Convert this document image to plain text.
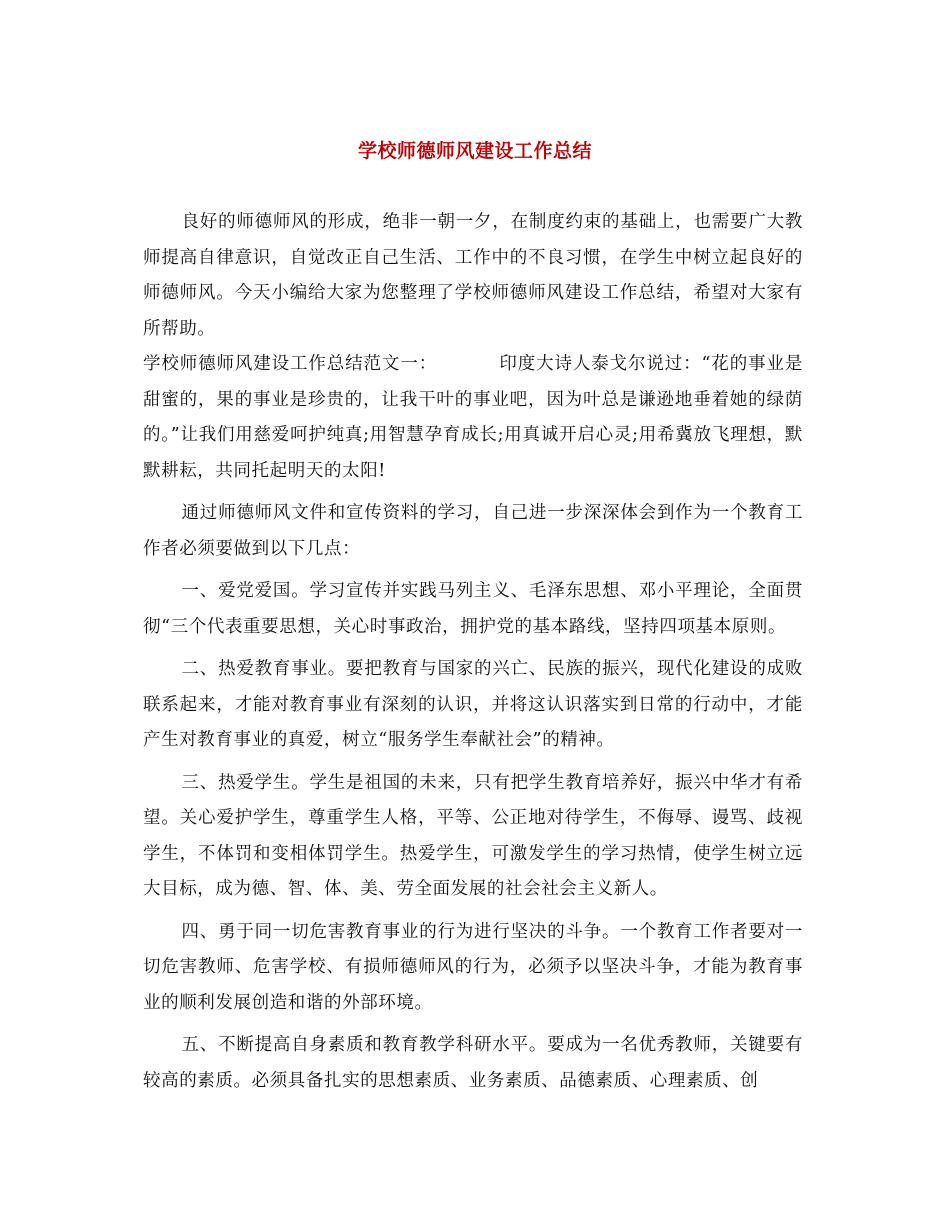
学校师德师风建设工作总结

良好的师德师风的形成，绝非一朝一夕，在制度约束的基础上，也需要广大教师提高自律意识，自觉改正自己生活、工作中的不良习惯，在学生中树立起良好的师德师风。今天小编给大家为您整理了学校师德师风建设工作总结，希望对大家有所帮助。

学校师德师风建设工作总结范文一：	印度大诗人泰戈尔说过：“花的事业是甜蜜的，果的事业是珍贵的，让我干叶的事业吧，因为叶总是谦逊地垂着她的绿荫的。”让我们用慈爱呵护纯真;用智慧孕育成长;用真诚开启心灵;用希冀放飞理想，默默耕耘，共同托起明天的太阳!

通过师德师风文件和宣传资料的学习，自己进一步深深体会到作为一个教育工作者必须要做到以下几点：

一、爱党爱国。学习宣传并实践马列主义、毛泽东思想、邓小平理论，全面贯彻“三个代表重要思想，关心时事政治，拥护党的基本路线，坚持四项基本原则。

二、热爱教育事业。要把教育与国家的兴亡、民族的振兴，现代化建设的成败联系起来，才能对教育事业有深刻的认识，并将这认识落实到日常的行动中，才能产生对教育事业的真爱，树立“服务学生奉献社会”的精神。

三、热爱学生。学生是祖国的未来，只有把学生教育培养好，振兴中华才有希望。关心爱护学生，尊重学生人格，平等、公正地对待学生，不侮辱、谩骂、歧视学生，不体罚和变相体罚学生。热爱学生，可激发学生的学习热情，使学生树立远大目标，成为德、智、体、美、劳全面发展的社会社会主义新人。

四、勇于同一切危害教育事业的行为进行坚决的斗争。一个教育工作者要对一切危害教师、危害学校、有损师德师风的行为，必须予以坚决斗争，才能为教育事业的顺利发展创造和谐的外部环境。

五、不断提高自身素质和教育教学科研水平。要成为一名优秀教师，关键要有较高的素质。必须具备扎实的思想素质、业务素质、品德素质、心理素质、创
